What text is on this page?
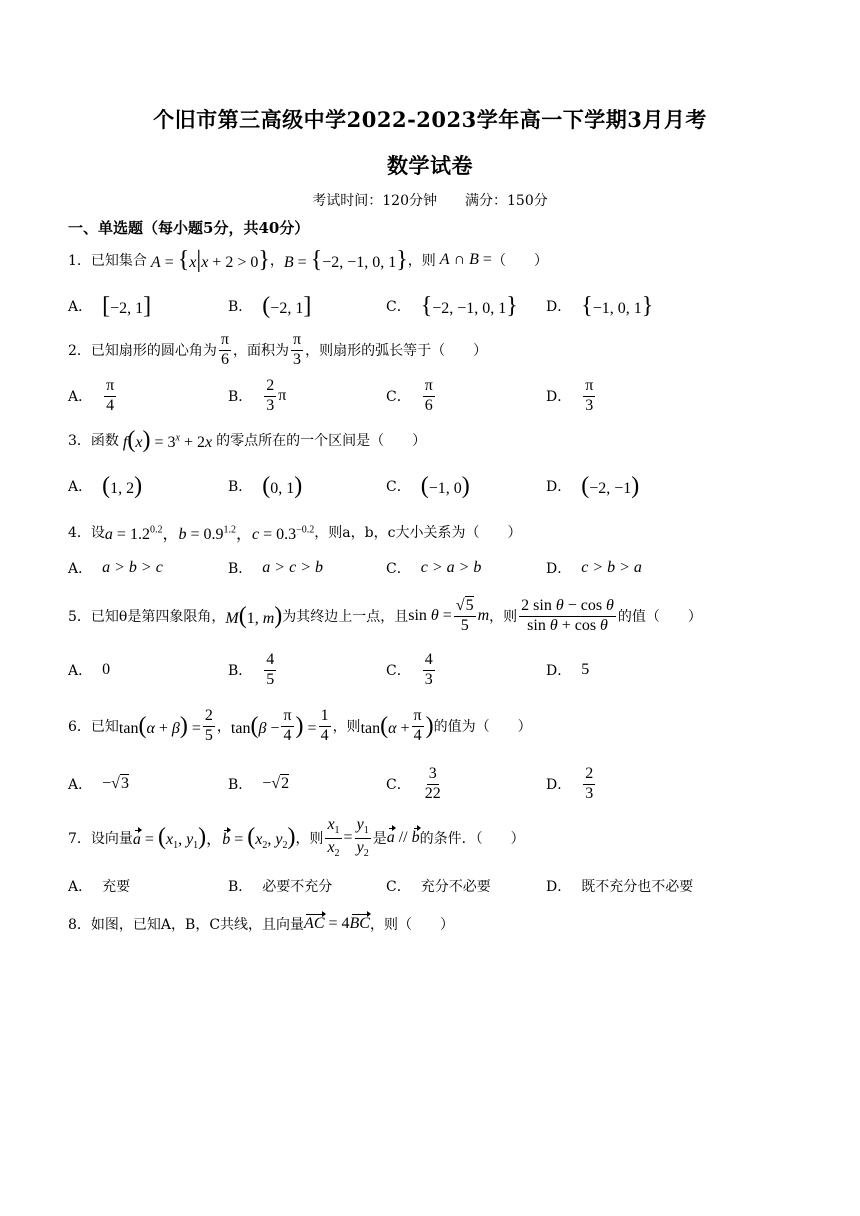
个旧市第三高级中学2022-2023学年高一下学期3月月考
数学试卷
考试时间：120分钟 满分：150分
一、单选题（每小题5分，共40分）
1． 已知集合 A = {x|x + 2 > 0} ， B = {−2, −1, 0, 1} ，则 A ∩ B = （　　）
A． [−2, 1]	B． (−2, 1]	C． {−2, −1, 0, 1} D． {−1, 0, 1}
2． 已知扇形的圆心角为 $\frac{\pi}{6}$ ，面积为 $\frac{\pi}{3}$ ，则扇形的弧长等于（　　）
A． $\frac{\pi}{4}$	B． $\frac{2}{3}$ π	C． $\frac{\pi}{6}$	D． $\frac{\pi}{3}$
3． 函数 $f(x) = 3^x + 2x$ 的零点所在的一个区间是（　　）
A． (1, 2)	B． (0, 1)	C． (−1, 0)	D． (−2, −1)
4． 设 $a = 1.2^{0.2}$，$b = 0.9^{1.2}$，$c = 0.3^{-0.2}$ ，则a，b，c大小关系为（　　）
A． a > b > c	B． a > c > b	C． c > a > b	D． c > b > a
5． 已知θ是第四象限角， M(1, m) 为其终边上一点，且 $\sin \theta = \frac{√5}{5}$ m ，则 $\frac{\text{2 sin θ − cos θ}}{\text{sin θ + cos θ}}$ 的值（　　）
A． 0	B． $\frac{4}{5}$	C． $\frac{4}{3}$	D． 5
6． 已知 $\tan(\alpha + \beta) = \frac{2}{5}$ ， $\tan(\beta - \frac{\pi}{4}$ ) = $\frac{1}{4}$ ，则 $\tan(\alpha + \frac{\pi}{4}$ ) 的值为（　　）
A． −√3	B． −√2	C． $\frac{3}{22}$	D． $\frac{2}{3}$
7． 设向量 $a = (x_1$, $y_1$)，$b = (x_2$, $y_2$) ，则 $\frac{x_1}{x_2} = \frac{y_1}{y_2}$ 是 a // b 的条件．（　　）
A． 充要	B． 必要不充分	C． 充分不必要	D． 既不充分也不必要
8． 如图，已知A，B，C共线，且向量 AC = 4BC ，则（　　）
